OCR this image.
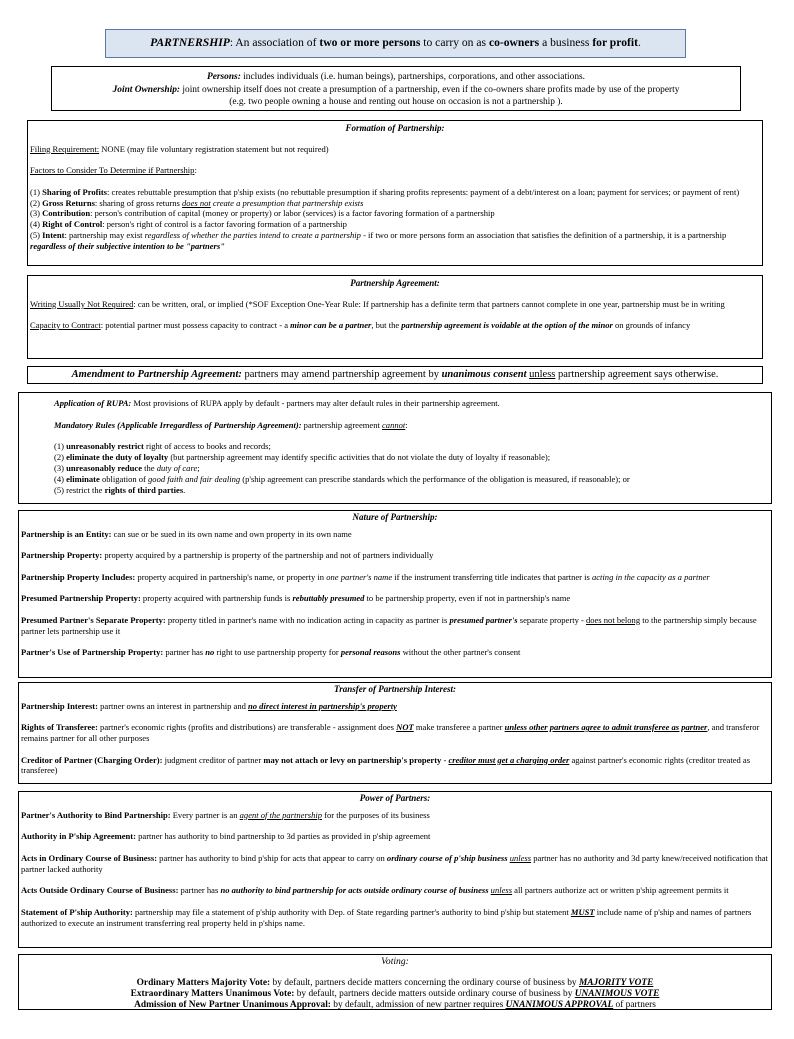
PARTNERSHIP: An association of two or more persons to carry on as co-owners a business for profit.

Persons: includes individuals (i.e. human beings), partnerships, corporations, and other associations.

Joint Ownership: joint ownership itself does not create a presumption of a partnership, even if the co-owners share profits made by use of the property

(e.g. two people owning a house and renting out house on occasion is not a partnership ).

Formation of Partnership:

Filing Requirement: NONE (may file voluntary registration statement but not required)

Factors to Consider To Determine if Partnership:

(1) Sharing of Profits: creates rebuttable presumption that p'ship exists (no rebuttable presumption if sharing profits represents: payment of a debt/interest on a loan; payment for services; or payment of rent)

(2) Gross Returns: sharing of gross returns does not create a presumption that partnership exists

(3) Contribution: person's contribution of capital (money or property) or labor (services) is a factor favoring formation of a partnership

(4) Right of Control: person's right of control is a factor favoring formation of a partnership

(5) Intent: partnership may exist regardless of whether the parties intend to create a partnership - if two or more persons form an association that satisfies the definition of a partnership, it is a partnership regardless of their subjective intention to be "partners"

Partnership Agreement:

Writing Usually Not Required: can be written, oral, or implied (*SOF Exception One-Year Rule: If partnership has a definite term that partners cannot complete in one year, partnership must be in writing

Capacity to Contract: potential partner must possess capacity to contract - a minor can be a partner, but the partnership agreement is voidable at the option of the minor on grounds of infancy

Amendment to Partnership Agreement: partners may amend partnership agreement by unanimous consent unless partnership agreement says otherwise.

Application of RUPA: Most provisions of RUPA apply by default - partners may alter default rules in their partnership agreement.

Mandatory Rules (Applicable Irregardless of Partnership Agreement): partnership agreement cannot:

(1) unreasonably restrict right of access to books and records;

(2) eliminate the duty of loyalty (but partnership agreement may identify specific activities that do not violate the duty of loyalty if reasonable);

(3) unreasonably reduce the duty of care;

(4) eliminate obligation of good faith and fair dealing (p'ship agreement can prescribe standards which the performance of the obligation is measured, if reasonable); or

(5) restrict the rights of third parties.

Nature of Partnership:

Partnership is an Entity: can sue or be sued in its own name and own property in its own name

Partnership Property: property acquired by a partnership is property of the partnership and not of partners individually

Partnership Property Includes: property acquired in partnership's name, or property in one partner's name if the instrument transferring title indicates that partner is acting in the capacity as a partner

Presumed Partnership Property: property acquired with partnership funds is rebuttably presumed to be partnership property, even if not in partnership's name

Presumed Partner's Separate Property: property titled in partner's name with no indication acting in capacity as partner is presumed partner's separate property - does not belong to the partnership simply because partner lets partnership use it

Partner's Use of Partnership Property: partner has no right to use partnership property for personal reasons without the other partner's consent

Transfer of Partnership Interest:

Partnership Interest: partner owns an interest in partnership and no direct interest in partnership's property

Rights of Transferee: partner's economic rights (profits and distributions) are transferable - assignment does NOT make transferee a partner unless other partners agree to admit transferee as partner, and transferor remains partner for all other purposes

Creditor of Partner (Charging Order): judgment creditor of partner may not attach or levy on partnership's property - creditor must get a charging order against partner's economic rights (creditor treated as transferee)

Power of Partners:

Partner's Authority to Bind Partnership: Every partner is an agent of the partnership for the purposes of its business

Authority in P'ship Agreement: partner has authority to bind partnership to 3d parties as provided in p'ship agreement

Acts in Ordinary Course of Business: partner has authority to bind p'ship for acts that appear to carry on ordinary course of p'ship business unless partner has no authority and 3d party knew/received notification that partner lacked authority

Acts Outside Ordinary Course of Business: partner has no authority to bind partnership for acts outside ordinary course of business unless all partners authorize act or written p'ship agreement permits it

Statement of P'ship Authority: partnership may file a statement of p'ship authority with Dep. of State regarding partner's authority to bind p'ship but statement MUST include name of p'ship and names of partners authorized to execute an instrument transferring real property held in p'ships name.

Voting:

Ordinary Matters Majority Vote: by default, partners decide matters concerning the ordinary course of business by MAJORITY VOTE

Extraordinary Matters Unanimous Vote: by default, partners decide matters outside ordinary course of business by UNANIMOUS VOTE

Admission of New Partner Unanimous Approval: by default, admission of new partner requires UNANIMOUS APPROVAL of partners
